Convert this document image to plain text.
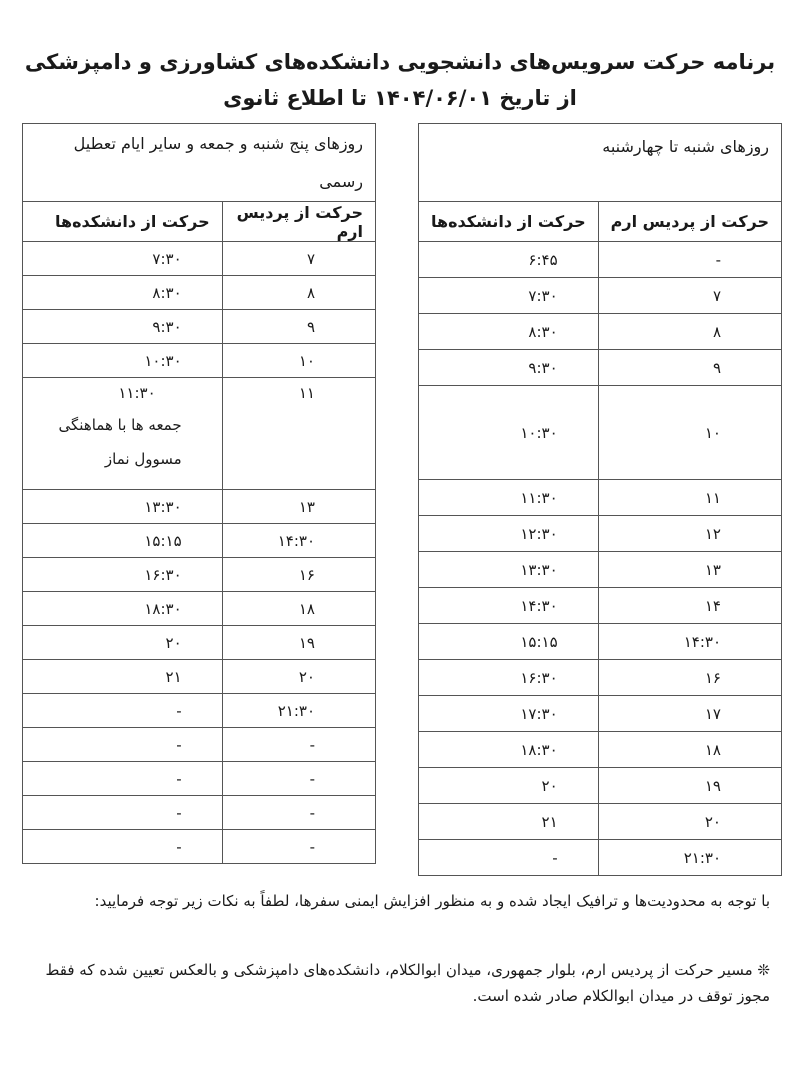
برنامه حرکت سرویس‌های دانشجویی دانشکده‌های کشاورزی و دامپزشکی
از تاریخ ۱۴۰۴/۰۶/۰۱ تا اطلاع ثانوی
روزهای پنج شنبه و جمعه و سایر ایام تعطیل رسمی	
حرکت از پردیس ارم	حرکت از دانشکده‌ها
۷	۷:۳۰
۸	۸:۳۰
۹	۹:۳۰
۱۰	۱۰:۳۰
۱۱	۱۱:۳۰
جمعه ها با هماهنگی مسوول نماز

۱۳	۱۳:۳۰
۱۴:۳۰	۱۵:۱۵
۱۶	۱۶:۳۰
۱۸	۱۸:۳۰
۱۹	۲۰
۲۰	۲۱
۲۱:۳۰	-
-	-
-	-
-	-
-	-
روزهای شنبه تا چهارشنبه	
حرکت از پردیس ارم	حرکت از دانشکده‌ها
-	۶:۴۵
۷	۷:۳۰
۸	۸:۳۰
۹	۹:۳۰
۱۰	۱۰:۳۰
۱۱	۱۱:۳۰
۱۲	۱۲:۳۰
۱۳	۱۳:۳۰
۱۴	۱۴:۳۰
۱۴:۳۰	۱۵:۱۵
۱۶	۱۶:۳۰
۱۷	۱۷:۳۰
۱۸	۱۸:۳۰
۱۹	۲۰
۲۰	۲۱
۲۱:۳۰	-
با توجه به محدودیت‌ها و ترافیک ایجاد شده و به منظور افزایش ایمنی سفرها، لطفاً به نکات زیر توجه فرمایید:
❊ مسیر حرکت از پردیس ارم، بلوار جمهوری، میدان ابوالکلام، دانشکده‌های دامپزشکی و بالعکس تعیین شده که فقط مجوز توقف در میدان ابوالکلام صادر شده است.
